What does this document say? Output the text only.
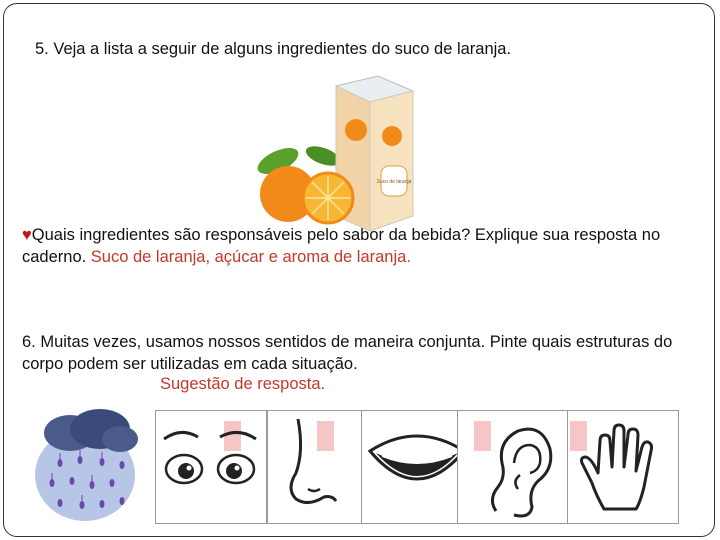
5. Veja a lista a seguir de alguns ingredientes do suco de laranja.
Suco de laranja
♥Quais ingredientes são responsáveis pelo sabor da bebida? Explique sua resposta no caderno. Suco de laranja, açúcar e aroma de laranja.
6. Muitas vezes, usamos nossos sentidos de maneira conjunta. Pinte quais estruturas do corpo podem ser utilizadas em cada situação.
Sugestão de resposta.
